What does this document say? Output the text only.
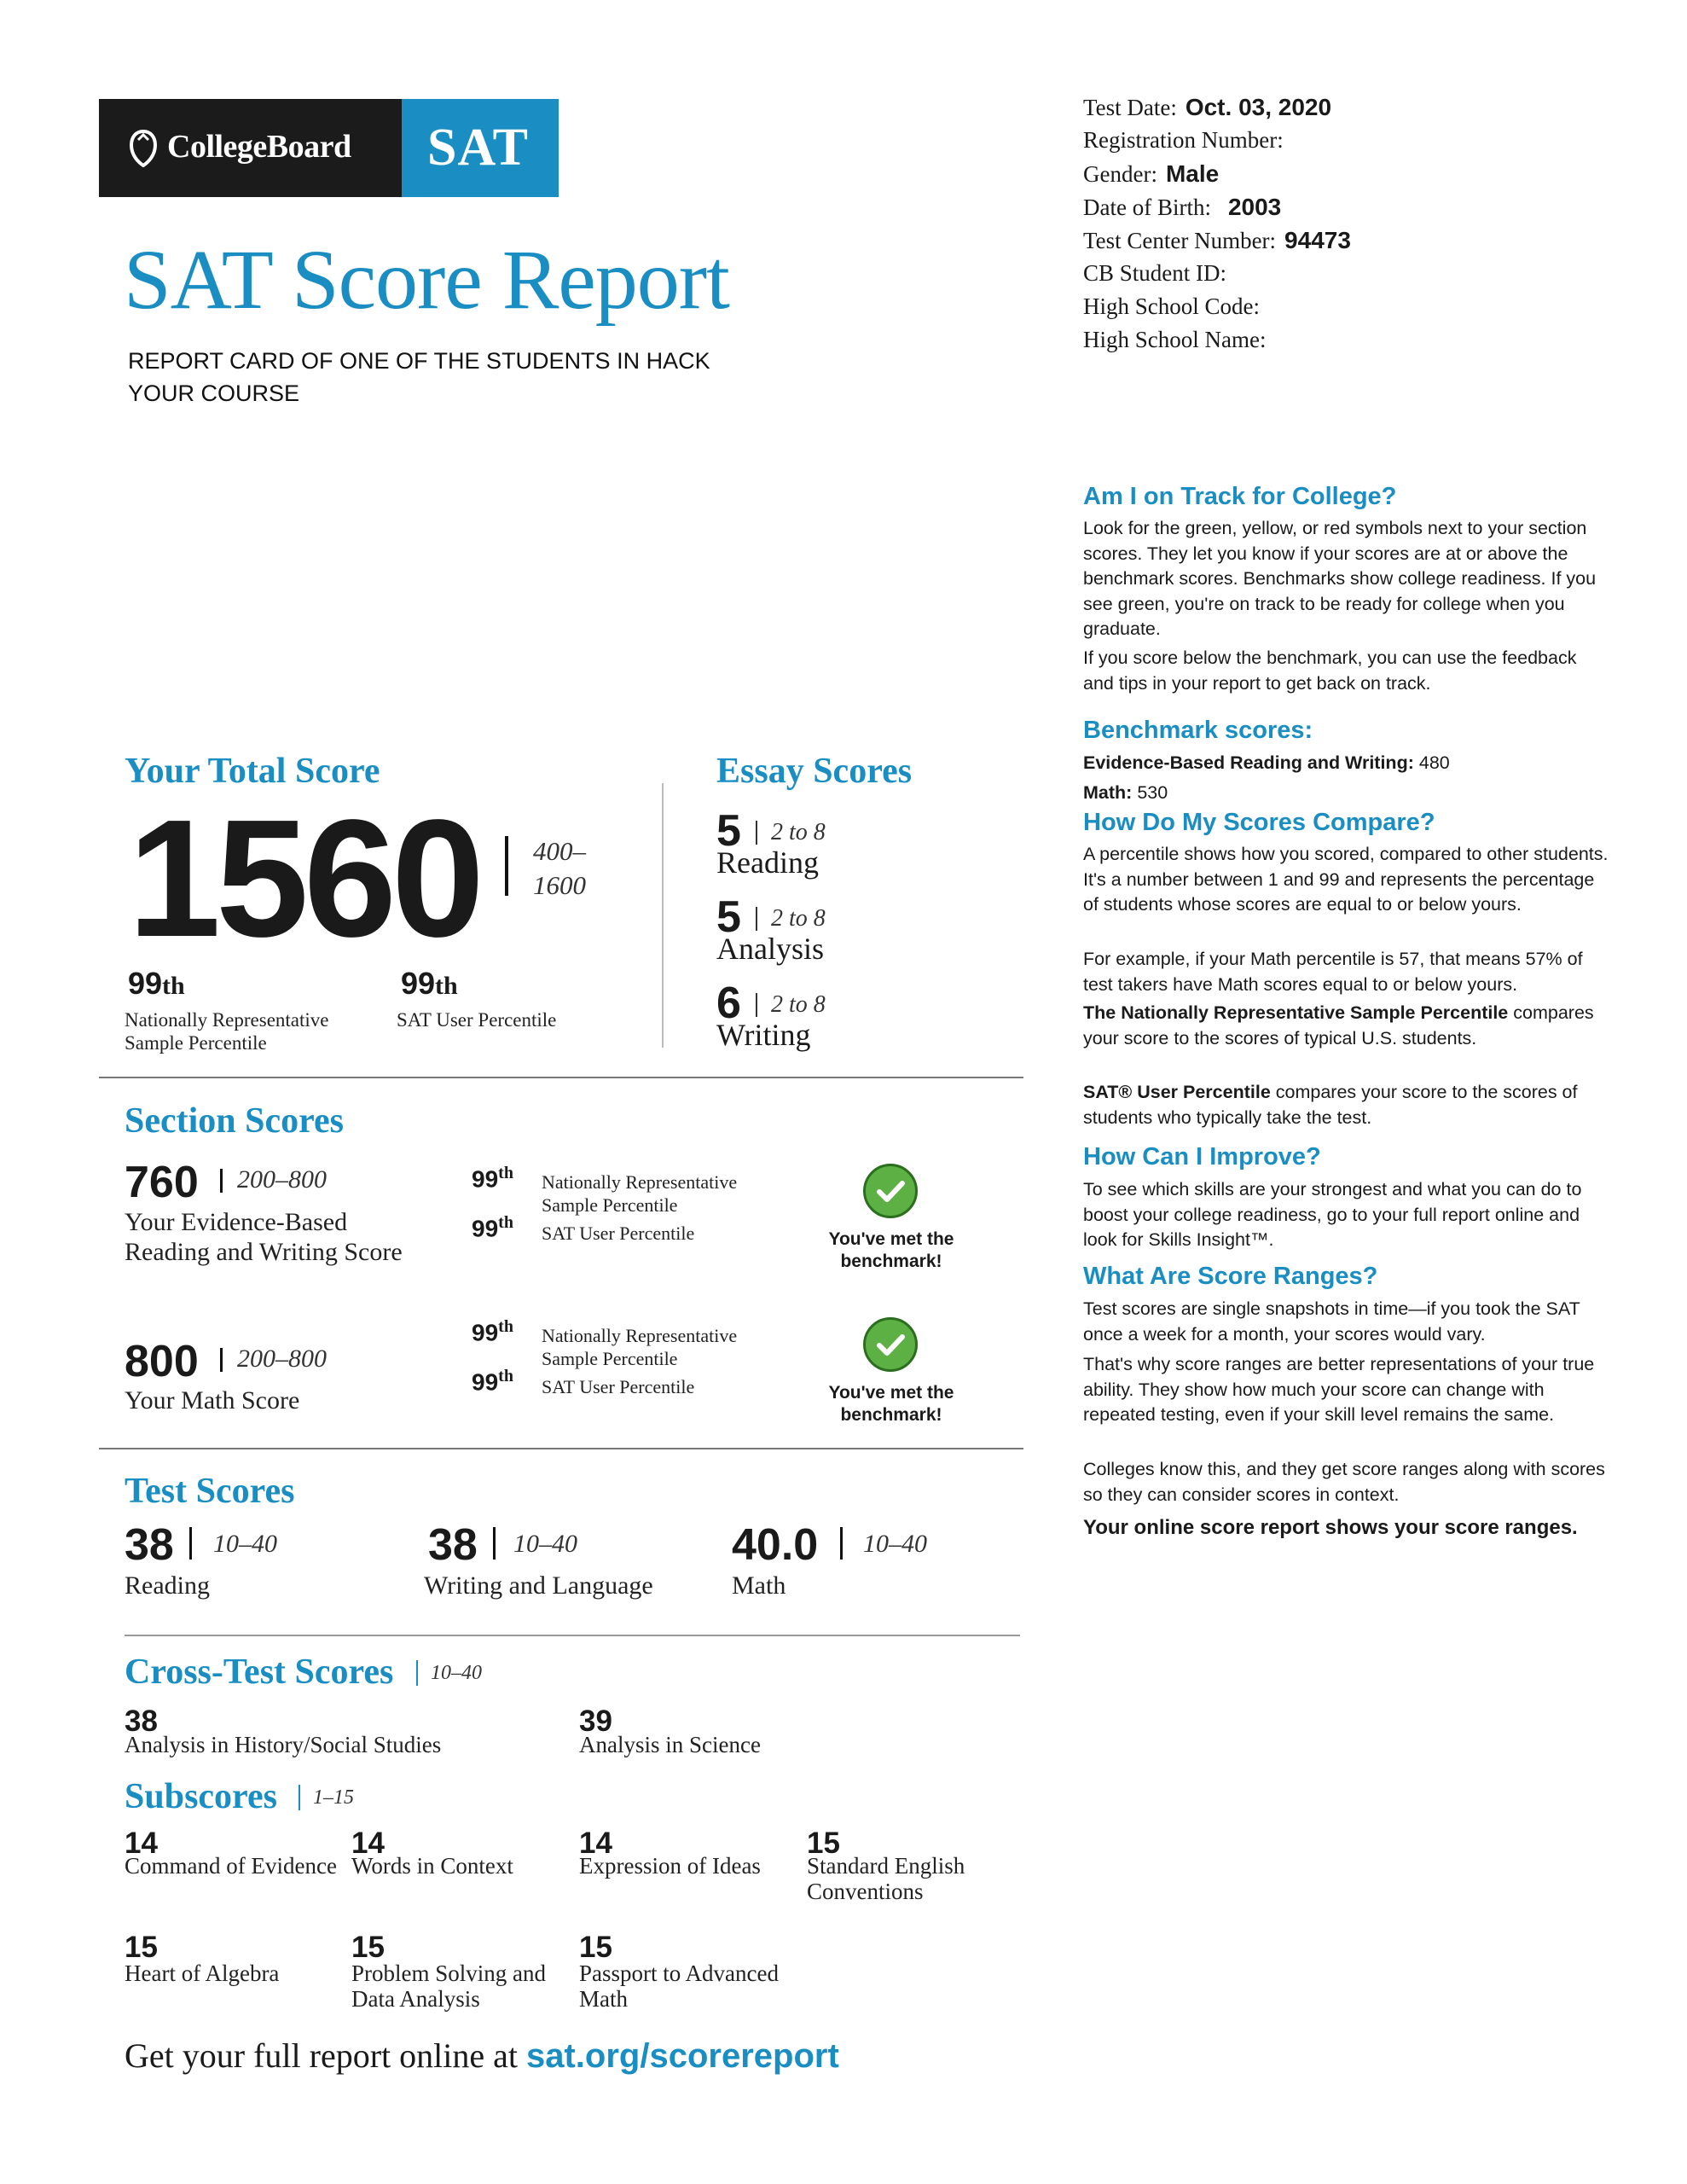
CollegeBoard SAT
SAT Score Report
REPORT CARD OF ONE OF THE STUDENTS IN HACK YOUR COURSE
Test Date: Oct. 03, 2020
Registration Number:
Gender: Male
Date of Birth: 2003
Test Center Number: 94473
CB Student ID:
High School Code:
High School Name:
Am I on Track for College?
Look for the green, yellow, or red symbols next to your section scores. They let you know if your scores are at or above the benchmark scores. Benchmarks show college readiness. If you see green, you're on track to be ready for college when you graduate.
If you score below the benchmark, you can use the feedback and tips in your report to get back on track.
Benchmark scores:
Evidence-Based Reading and Writing: 480
Math: 530
How Do My Scores Compare?
A percentile shows how you scored, compared to other students. It's a number between 1 and 99 and represents the percentage of students whose scores are equal to or below yours.
For example, if your Math percentile is 57, that means 57% of test takers have Math scores equal to or below yours.
The Nationally Representative Sample Percentile compares your score to the scores of typical U.S. students.
SAT® User Percentile compares your score to the scores of students who typically take the test.
How Can I Improve?
To see which skills are your strongest and what you can do to boost your college readiness, go to your full report online and look for Skills Insight™.
What Are Score Ranges?
Test scores are single snapshots in time—if you took the SAT once a week for a month, your scores would vary.
That's why score ranges are better representations of your true ability. They show how much your score can change with repeated testing, even if your skill level remains the same.
Colleges know this, and they get score ranges along with scores so they can consider scores in context.
Your online score report shows your score ranges.
Your Total Score
1560 400–
1600
99th
Nationally Representative Sample Percentile
99th
SAT User Percentile
Essay Scores
5 2 to 8
Reading
5 2 to 8
Analysis
6 2 to 8
Writing
Section Scores
760 200–800
Your Evidence-Based Reading and Writing Score
99th Nationally Representative Sample Percentile
99th SAT User Percentile	You've met the benchmark!
800 200–800
Your Math Score
99th Nationally Representative Sample Percentile
99th SAT User Percentile	You've met the benchmark!
Test Scores
38 10–40
Reading
38 10–40
Writing and Language
40.0 10–40
Math
Cross-Test Scores 10–40
38
Analysis in History/Social Studies
39
Analysis in Science
Subscores 1–15
14
Command of Evidence
14
Words in Context
14
Expression of Ideas
15
Standard English Conventions
15
Heart of Algebra
15
Problem Solving and Data Analysis
15
Passport to Advanced Math
Get your full report online at sat.org/scorereport
